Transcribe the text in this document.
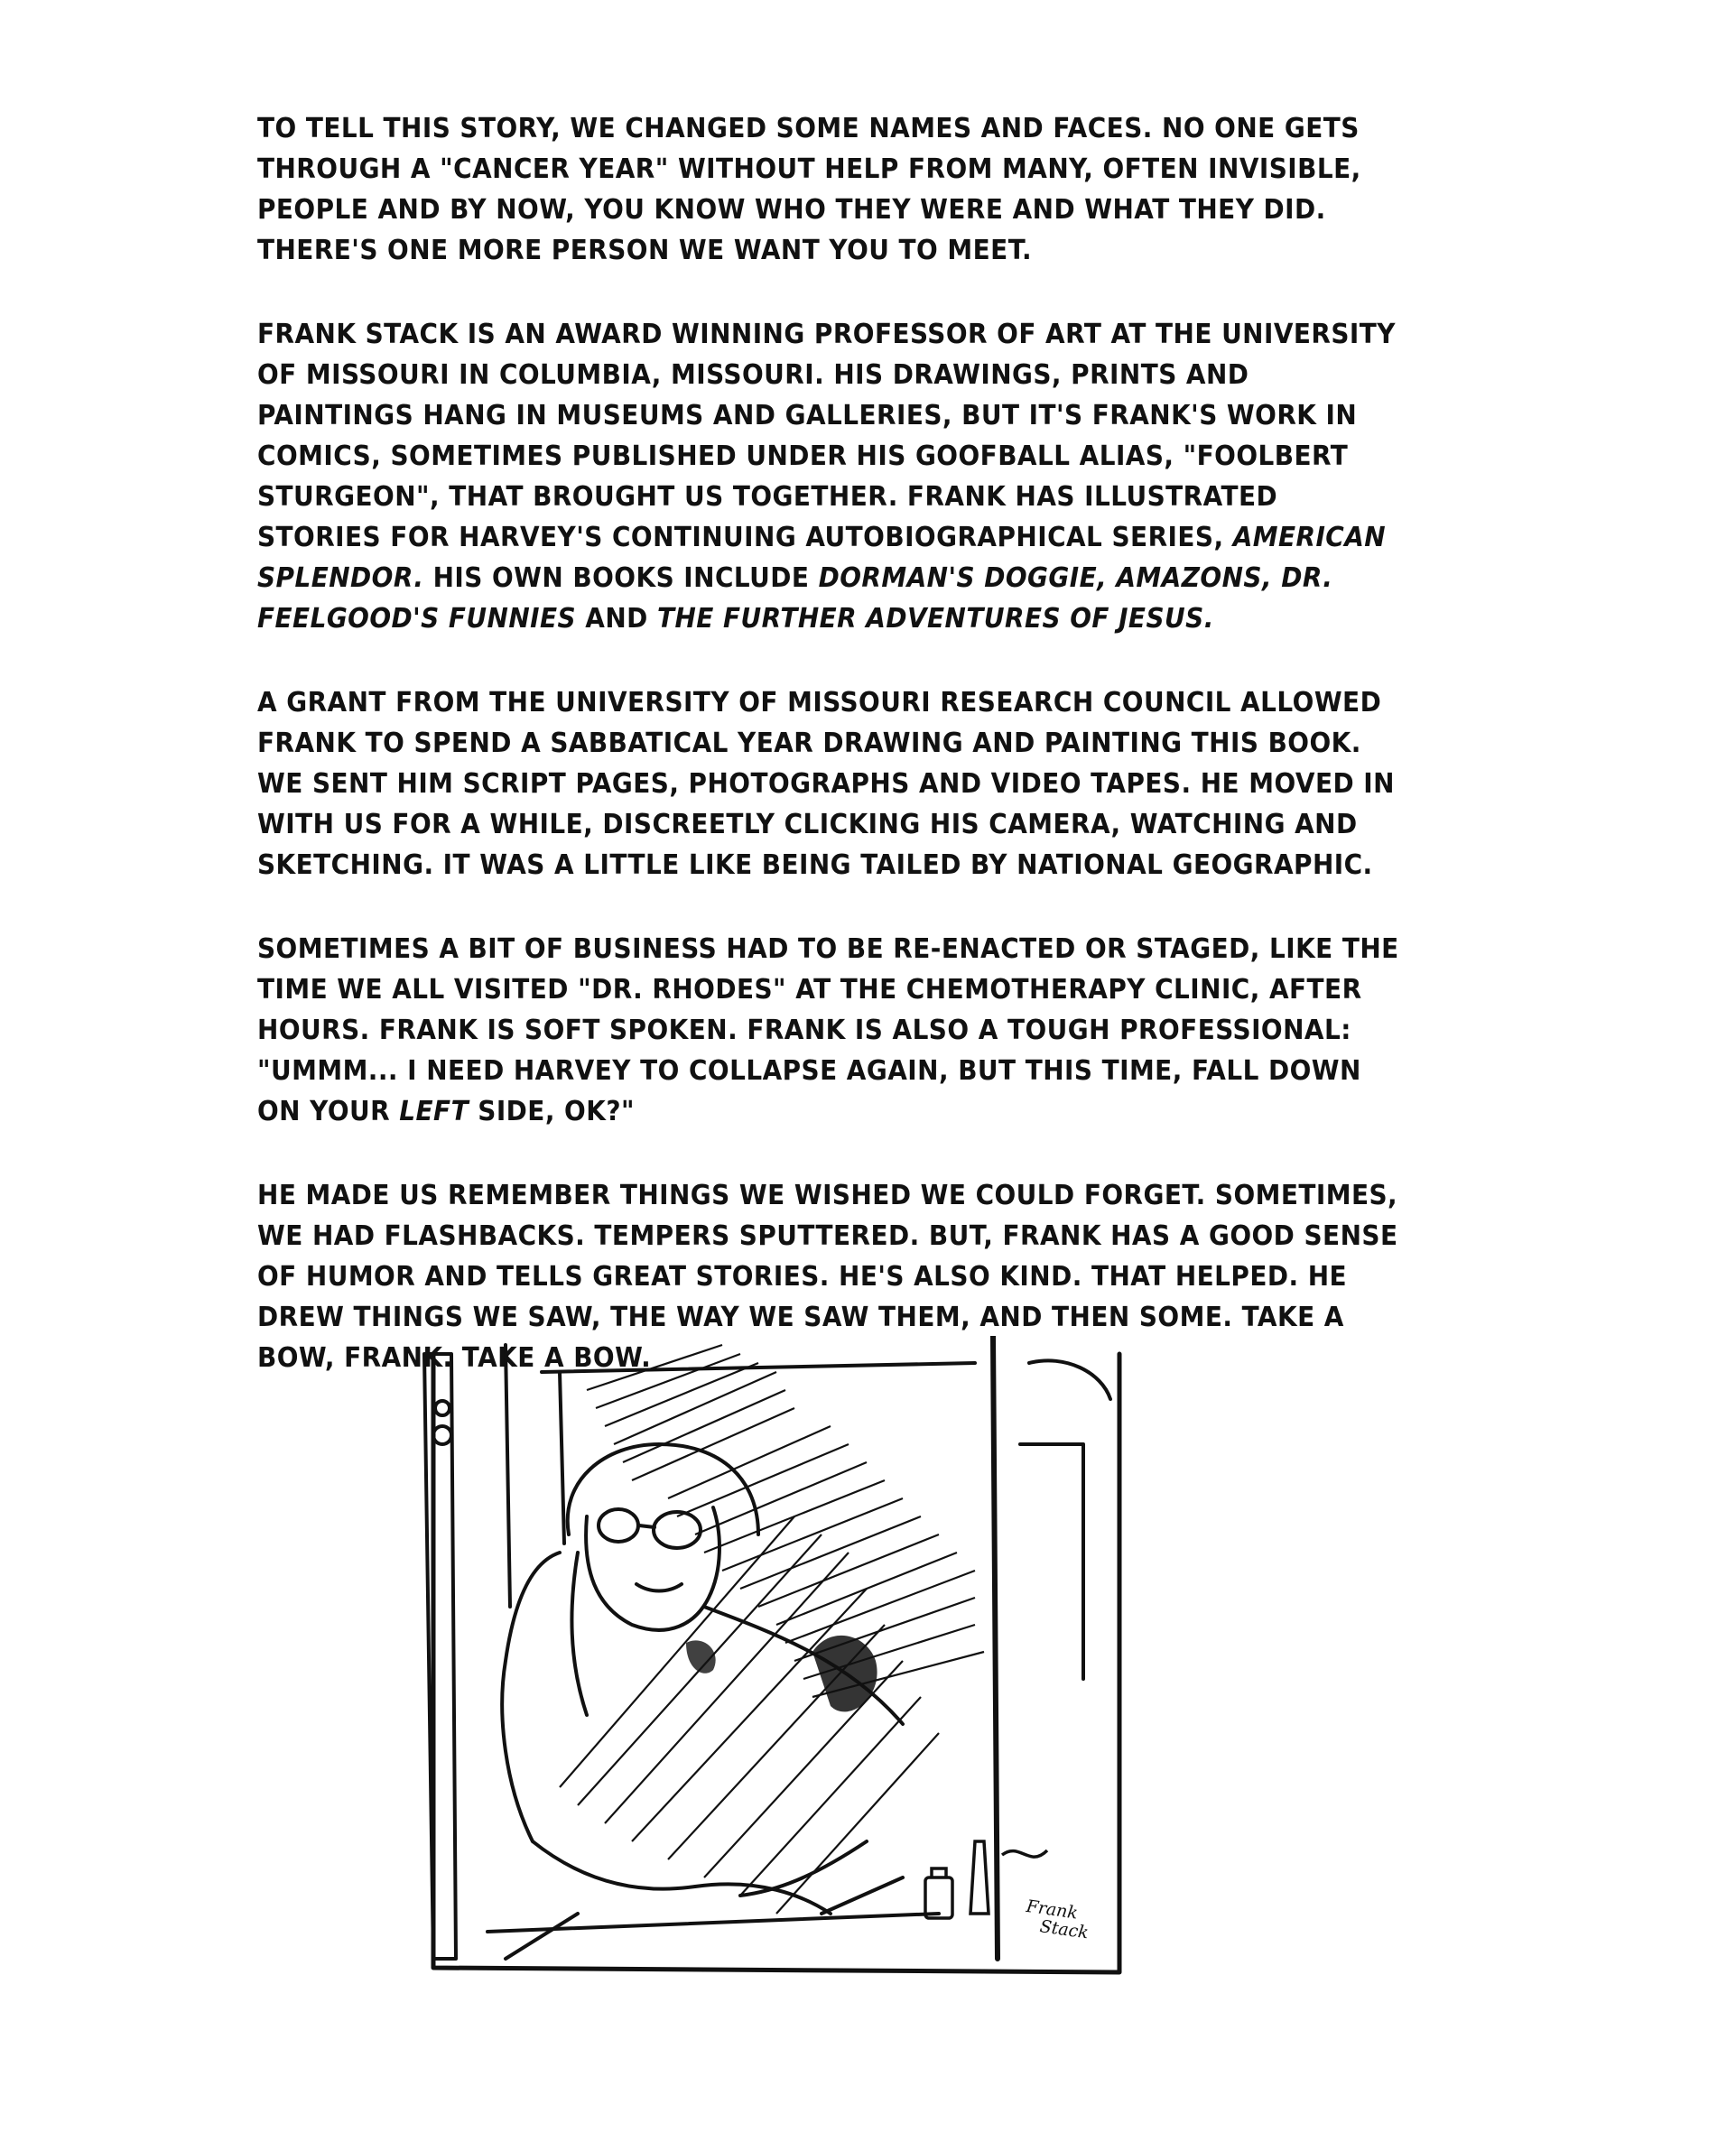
TO TELL THIS STORY, WE CHANGED SOME NAMES AND FACES. NO ONE GETS THROUGH A "CANCER YEAR" WITHOUT HELP FROM MANY, OFTEN INVISIBLE, PEOPLE AND BY NOW, YOU KNOW WHO THEY WERE AND WHAT THEY DID. THERE'S ONE MORE PERSON WE WANT YOU TO MEET.

FRANK STACK IS AN AWARD WINNING PROFESSOR OF ART AT THE UNIVERSITY OF MISSOURI IN COLUMBIA, MISSOURI. HIS DRAWINGS, PRINTS AND PAINTINGS HANG IN MUSEUMS AND GALLERIES, BUT IT'S FRANK'S WORK IN COMICS, SOMETIMES PUBLISHED UNDER HIS GOOFBALL ALIAS, "FOOLBERT STURGEON", THAT BROUGHT US TOGETHER. FRANK HAS ILLUSTRATED STORIES FOR HARVEY'S CONTINUING AUTOBIOGRAPHICAL SERIES, AMERICAN SPLENDOR. HIS OWN BOOKS INCLUDE DORMAN'S DOGGIE, AMAZONS, DR. FEELGOOD'S FUNNIES AND THE FURTHER ADVENTURES OF JESUS.

A GRANT FROM THE UNIVERSITY OF MISSOURI RESEARCH COUNCIL ALLOWED FRANK TO SPEND A SABBATICAL YEAR DRAWING AND PAINTING THIS BOOK. WE SENT HIM SCRIPT PAGES, PHOTOGRAPHS AND VIDEO TAPES. HE MOVED IN WITH US FOR A WHILE, DISCREETLY CLICKING HIS CAMERA, WATCHING AND SKETCHING. IT WAS A LITTLE LIKE BEING TAILED BY NATIONAL GEOGRAPHIC.

SOMETIMES A BIT OF BUSINESS HAD TO BE RE-ENACTED OR STAGED, LIKE THE TIME WE ALL VISITED "DR. RHODES" AT THE CHEMOTHERAPY CLINIC, AFTER HOURS. FRANK IS SOFT SPOKEN. FRANK IS ALSO A TOUGH PROFESSIONAL: "UMMM... I NEED HARVEY TO COLLAPSE AGAIN, BUT THIS TIME, FALL DOWN ON YOUR LEFT SIDE, OK?"

HE MADE US REMEMBER THINGS WE WISHED WE COULD FORGET. SOMETIMES, WE HAD FLASHBACKS. TEMPERS SPUTTERED. BUT, FRANK HAS A GOOD SENSE OF HUMOR AND TELLS GREAT STORIES. HE'S ALSO KIND. THAT HELPED. HE DREW THINGS WE SAW, THE WAY WE SAW THEM, AND THEN SOME. TAKE A BOW, FRANK. TAKE A BOW.

Frank
Stack
